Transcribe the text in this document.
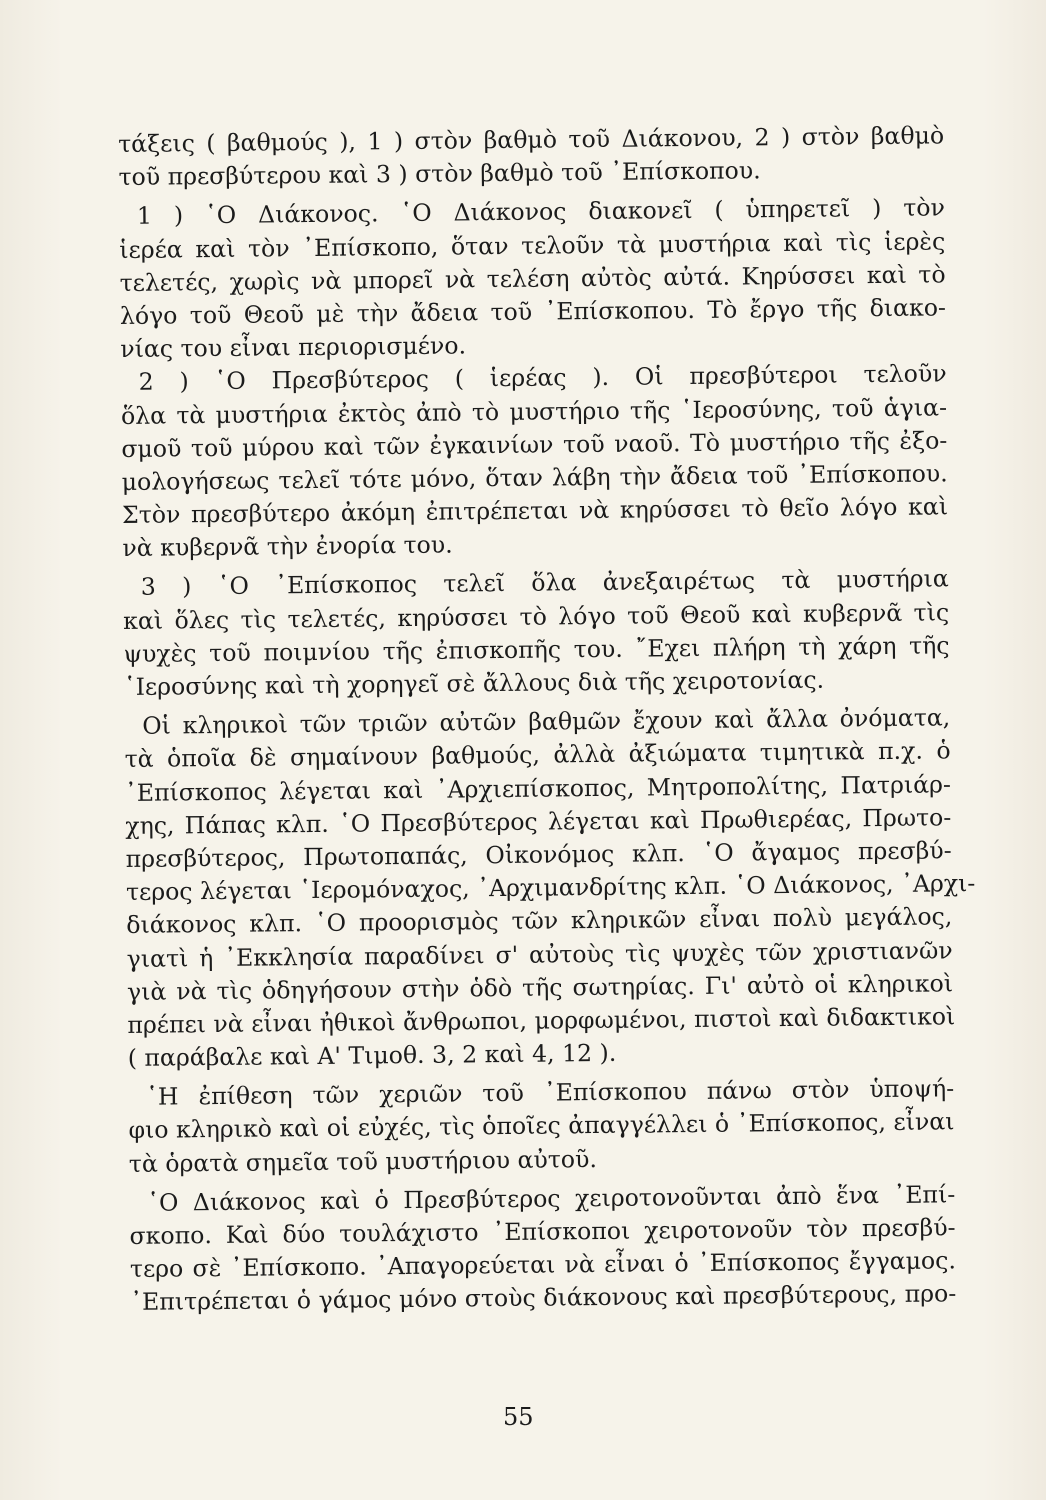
τάξεις ( βαθμούς ), 1 ) στὸν βαθμὸ τοῦ Διάκονου, 2 ) στὸν βαθμὸ
τοῦ πρεσβύτερου καὶ 3 ) στὸν βαθμὸ τοῦ ᾿Επίσκοπου.
1 ) ῾Ο Διάκονος. ῾Ο Διάκονος διακονεῖ ( ὑπηρετεῖ ) τὸν
ἱερέα καὶ τὸν ᾿Επίσκοπο, ὅταν τελοῦν τὰ μυστήρια καὶ τὶς ἱερὲς
τελετές, χωρὶς νὰ μπορεῖ νὰ τελέση αὐτὸς αὐτά. Κηρύσσει καὶ τὸ
λόγο τοῦ Θεοῦ μὲ τὴν ἄδεια τοῦ ᾿Επίσκοπου. Τὸ ἔργο τῆς διακο-
νίας του εἶναι περιορισμένο.
2 ) ῾Ο Πρεσβύτερος ( ἱερέας ). Οἱ πρεσβύτεροι τελοῦν
ὅλα τὰ μυστήρια ἐκτὸς ἀπὸ τὸ μυστήριο τῆς ῾Ιεροσύνης, τοῦ ἁγια-
σμοῦ τοῦ μύρου καὶ τῶν ἐγκαινίων τοῦ ναοῦ. Τὸ μυστήριο τῆς ἐξο-
μολογήσεως τελεῖ τότε μόνο, ὅταν λάβη τὴν ἄδεια τοῦ ᾿Επίσκοπου.
Στὸν πρεσβύτερο ἀκόμη ἐπιτρέπεται νὰ κηρύσσει τὸ θεῖο λόγο καὶ
νὰ κυβερνᾶ τὴν ἐνορία του.
3 ) ῾Ο ᾿Επίσκοπος τελεῖ ὅλα ἀνεξαιρέτως τὰ μυστήρια
καὶ ὅλες τὶς τελετές, κηρύσσει τὸ λόγο τοῦ Θεοῦ καὶ κυβερνᾶ τὶς
ψυχὲς τοῦ ποιμνίου τῆς ἐπισκοπῆς του. ῎Εχει πλήρη τὴ χάρη τῆς
῾Ιεροσύνης καὶ τὴ χορηγεῖ σὲ ἄλλους διὰ τῆς χειροτονίας.
Οἱ κληρικοὶ τῶν τριῶν αὐτῶν βαθμῶν ἔχουν καὶ ἄλλα ὀνόματα,
τὰ ὁποῖα δὲ σημαίνουν βαθμούς, ἀλλὰ ἀξιώματα τιμητικὰ π.χ. ὁ
᾿Επίσκοπος λέγεται καὶ ᾿Αρχιεπίσκοπος, Μητροπολίτης, Πατριάρ-
χης, Πάπας κλπ. ῾Ο Πρεσβύτερος λέγεται καὶ Πρωθιερέας, Πρωτο-
πρεσβύτερος, Πρωτοπαπάς, Οἰκονόμος κλπ. ῾Ο ἄγαμος πρεσβύ-
τερος λέγεται ῾Ιερομόναχος, ᾿Αρχιμανδρίτης κλπ. ῾Ο Διάκονος, ᾿Αρχι-
διάκονος κλπ. ῾Ο προορισμὸς τῶν κληρικῶν εἶναι πολὺ μεγάλος,
γιατὶ ἡ ᾿Εκκλησία παραδίνει σ' αὐτοὺς τὶς ψυχὲς τῶν χριστιανῶν
γιὰ νὰ τὶς ὁδηγήσουν στὴν ὁδὸ τῆς σωτηρίας. Γι' αὐτὸ οἱ κληρικοὶ
πρέπει νὰ εἶναι ἠθικοὶ ἄνθρωποι, μορφωμένοι, πιστοὶ καὶ διδακτικοὶ
( παράβαλε καὶ Α' Τιμοθ. 3, 2 καὶ 4, 12 ).
῾Η ἐπίθεση τῶν χεριῶν τοῦ ᾿Επίσκοπου πάνω στὸν ὑποψή-
φιο κληρικὸ καὶ οἱ εὐχές, τὶς ὁποῖες ἀπαγγέλλει ὁ ᾿Επίσκοπος, εἶναι
τὰ ὁρατὰ σημεῖα τοῦ μυστήριου αὐτοῦ.
῾Ο Διάκονος καὶ ὁ Πρεσβύτερος χειροτονοῦνται ἀπὸ ἕνα ᾿Επί-
σκοπο. Καὶ δύο τουλάχιστο ᾿Επίσκοποι χειροτονοῦν τὸν πρεσβύ-
τερο σὲ ᾿Επίσκοπο. ᾿Απαγορεύεται νὰ εἶναι ὁ ᾿Επίσκοπος ἔγγαμος.
᾿Επιτρέπεται ὁ γάμος μόνο στοὺς διάκονους καὶ πρεσβύτερους, προ-
55
